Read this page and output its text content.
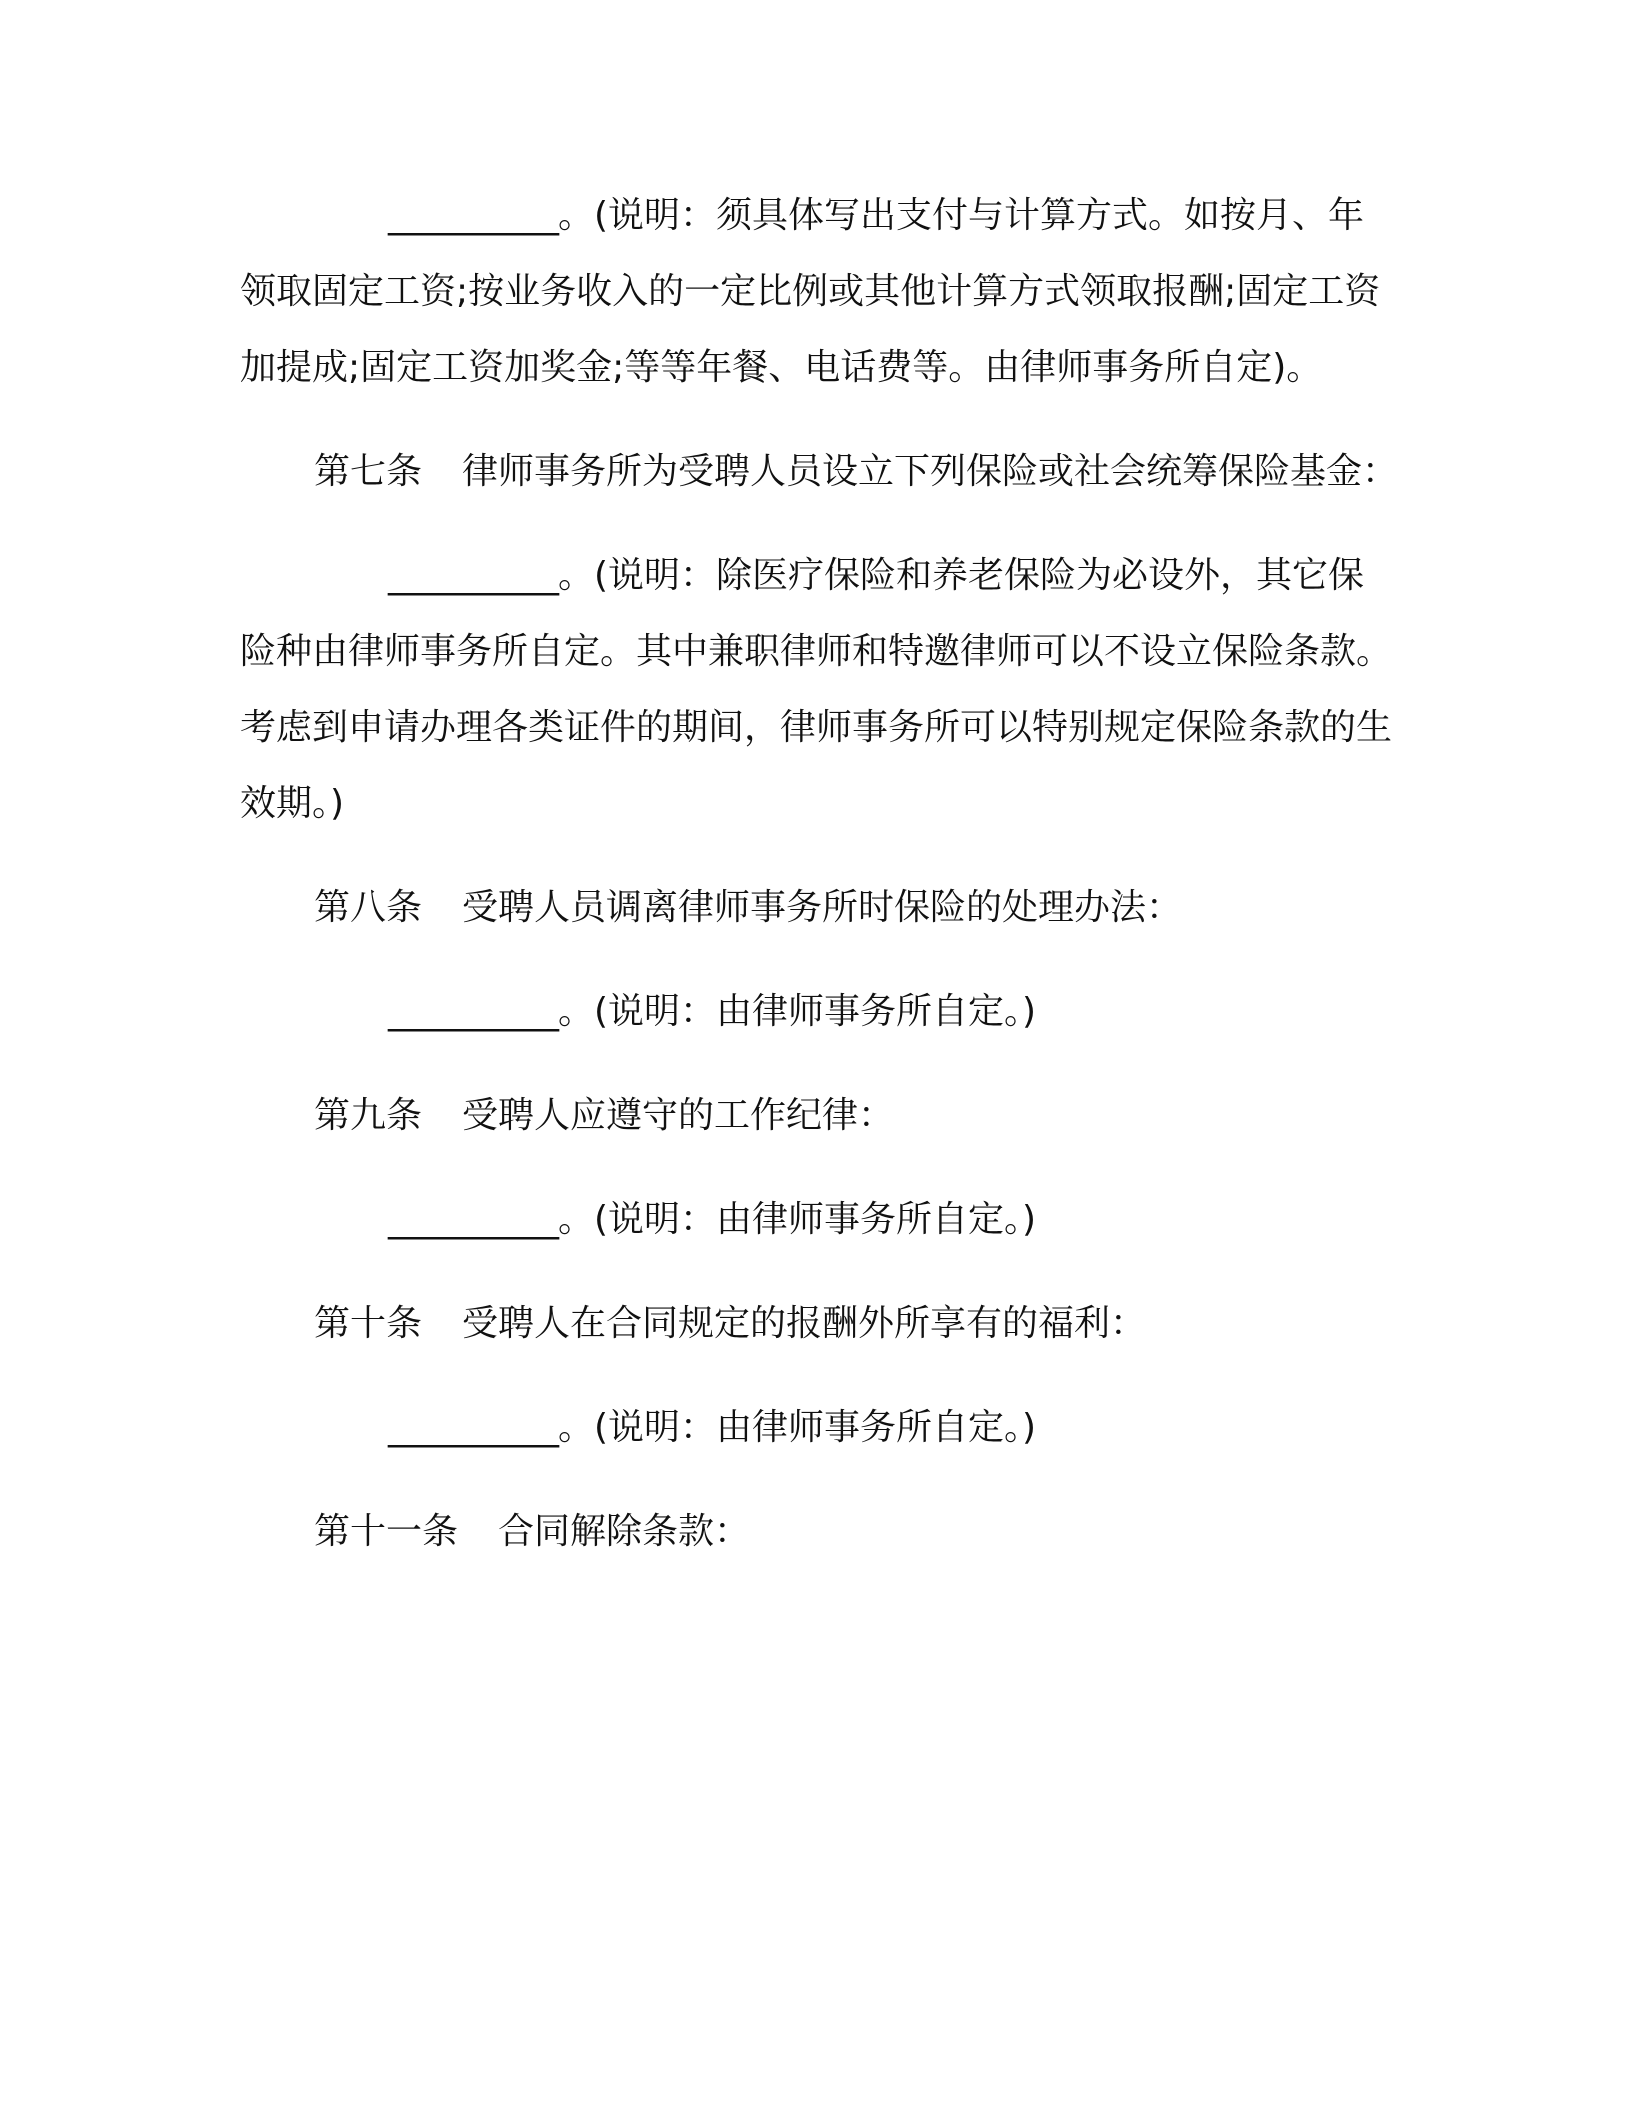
__________。(说明：须具体写出支付与计算方式。如按月、年领取固定工资;按业务收入的一定比例或其他计算方式领取报酬;固定工资加提成;固定工资加奖金;等等年餐、电话费等。由律师事务所自定)。

第七条 律师事务所为受聘人员设立下列保险或社会统筹保险基金：

__________。(说明：除医疗保险和养老保险为必设外，其它保险种由律师事务所自定。其中兼职律师和特邀律师可以不设立保险条款。考虑到申请办理各类证件的期间，律师事务所可以特别规定保险条款的生效期。)

第八条 受聘人员调离律师事务所时保险的处理办法：

__________。(说明：由律师事务所自定。)

第九条 受聘人应遵守的工作纪律：

__________。(说明：由律师事务所自定。)

第十条 受聘人在合同规定的报酬外所享有的福利：

__________。(说明：由律师事务所自定。)

第十一条 合同解除条款：
